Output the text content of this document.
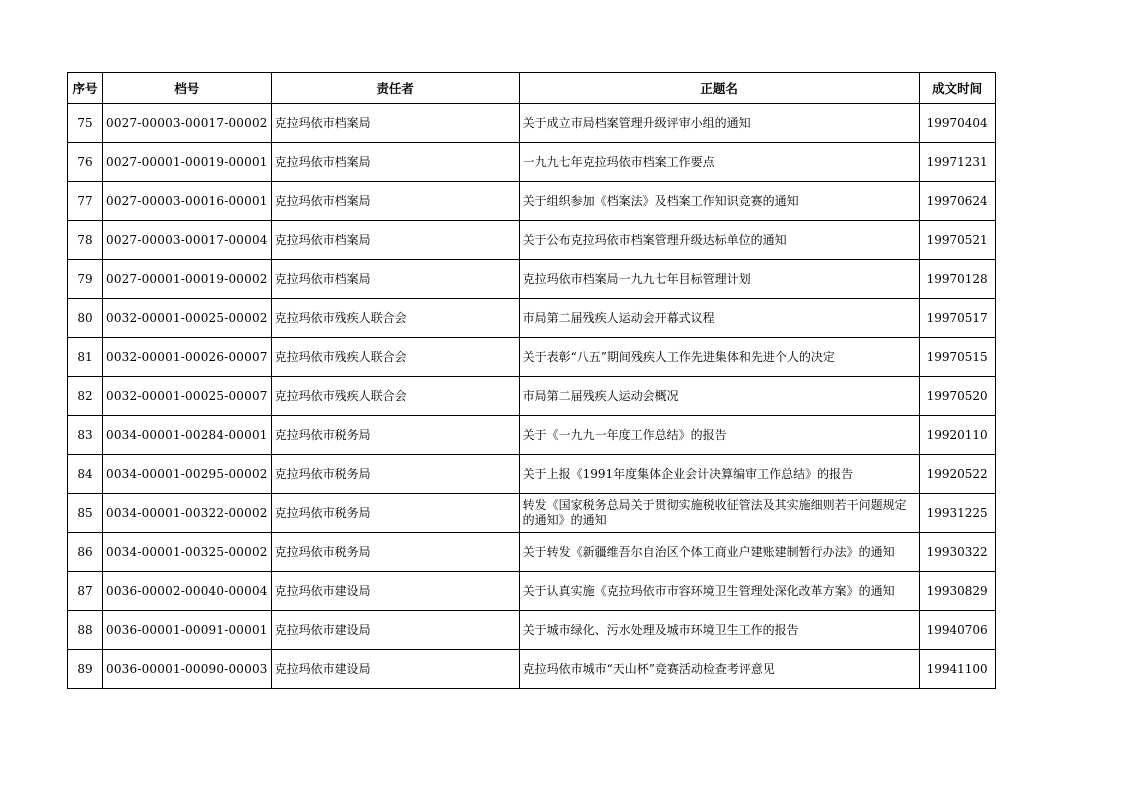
序号	档号	责任者	正题名	成文时间
75	0027-00003-00017-00002	克拉玛依市档案局	关于成立市局档案管理升级评审小组的通知	19970404
76	0027-00001-00019-00001	克拉玛依市档案局	一九九七年克拉玛依市档案工作要点	19971231
77	0027-00003-00016-00001	克拉玛依市档案局	关于组织参加《档案法》及档案工作知识竞赛的通知	19970624
78	0027-00003-00017-00004	克拉玛依市档案局	关于公布克拉玛依市档案管理升级达标单位的通知	19970521
79	0027-00001-00019-00002	克拉玛依市档案局	克拉玛依市档案局一九九七年目标管理计划	19970128
80	0032-00001-00025-00002	克拉玛依市残疾人联合会	市局第二届残疾人运动会开幕式议程	19970517
81	0032-00001-00026-00007	克拉玛依市残疾人联合会	关于表彰“八五”期间残疾人工作先进集体和先进个人的决定	19970515
82	0032-00001-00025-00007	克拉玛依市残疾人联合会	市局第二届残疾人运动会概况	19970520
83	0034-00001-00284-00001	克拉玛依市税务局	关于《一九九一年度工作总结》的报告	19920110
84	0034-00001-00295-00002	克拉玛依市税务局	关于上报《1991年度集体企业会计决算编审工作总结》的报告	19920522
85	0034-00001-00322-00002	克拉玛依市税务局	转发《国家税务总局关于贯彻实施税收征管法及其实施细则若干问题规定的通知》的通知	19931225
86	0034-00001-00325-00002	克拉玛依市税务局	关于转发《新疆维吾尔自治区个体工商业户建账建制暂行办法》的通知	19930322
87	0036-00002-00040-00004	克拉玛依市建设局	关于认真实施《克拉玛依市市容环境卫生管理处深化改革方案》的通知	19930829
88	0036-00001-00091-00001	克拉玛依市建设局	关于城市绿化、污水处理及城市环境卫生工作的报告	19940706
89	0036-00001-00090-00003	克拉玛依市建设局	克拉玛依市城市“天山杯”竞赛活动检查考评意见	19941100
